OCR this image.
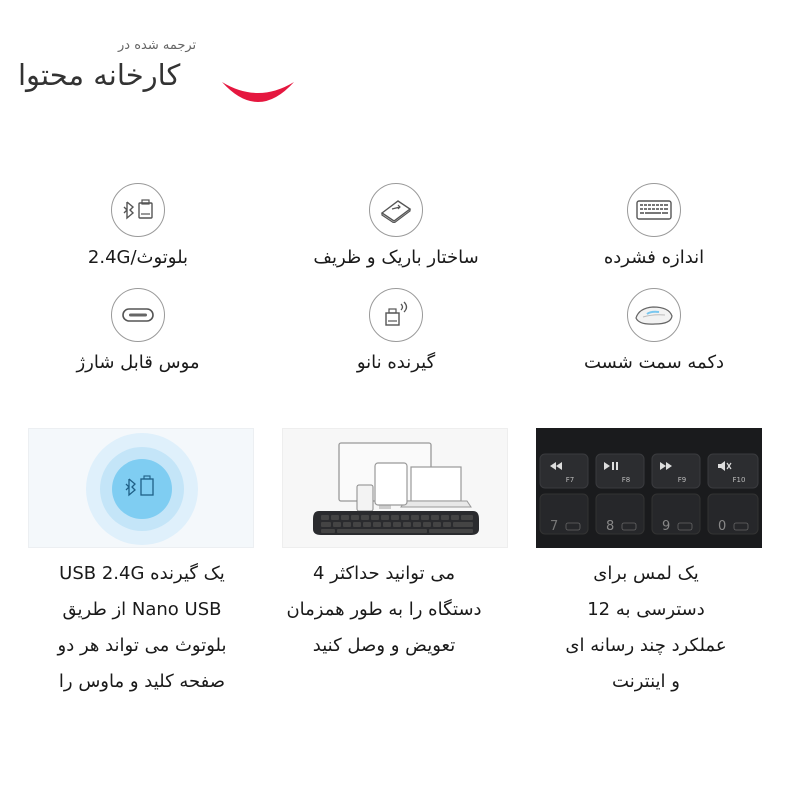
ترجمه شده در
کارخانه محتوا
بلوتوث/2.4G	ساختار باریک و ظریف	اندازه فشرده
موس قابل شارژ	گیرنده نانو	دکمه سمت شست
F7	F8	F9	F10
7	8	9	0

یک گیرنده USB 2.4G

Nano USB از طریق

بلوتوث می تواند هر دو

صفحه کلید و ماوس را

می توانید حداکثر 4

دستگاه را به طور همزمان

تعویض و وصل کنید

یک لمس برای

دسترسی به 12

عملکرد چند رسانه ای

و اینترنت
